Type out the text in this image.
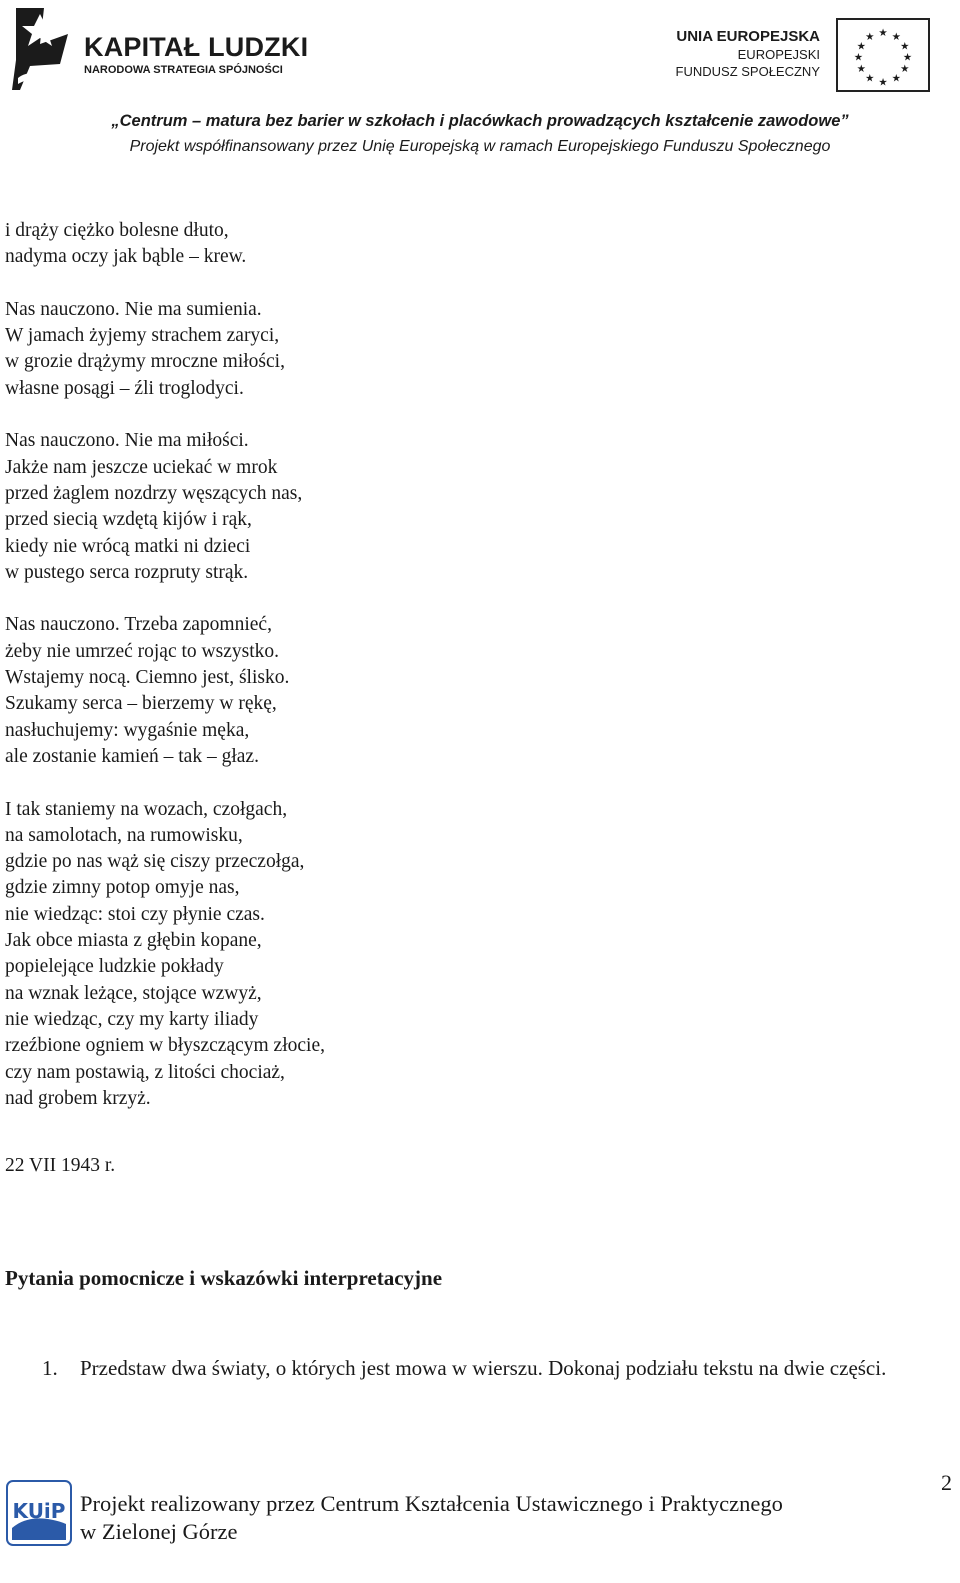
KAPITAŁ LUDZKI
NARODOWA STRATEGIA SPÓJNOŚCI
UNIA EUROPEJSKA
EUROPEJSKI
FUNDUSZ SPOŁECZNY
★ ★
★
★
★
★
★
★
★
★
★
★
„Centrum – matura bez barier w szkołach i placówkach prowadzących kształcenie zawodowe”
Projekt współfinansowany przez Unię Europejską w ramach Europejskiego Funduszu Społecznego
i drąży ciężko bolesne dłuto,
nadyma oczy jak bąble – krew.
Nas nauczono. Nie ma sumienia.
W jamach żyjemy strachem zaryci,
w grozie drążymy mroczne miłości,
własne posągi – źli troglodyci.
Nas nauczono. Nie ma miłości.
Jakże nam jeszcze uciekać w mrok
przed żaglem nozdrzy węszących nas,
przed siecią wzdętą kijów i rąk,
kiedy nie wrócą matki ni dzieci
w pustego serca rozpruty strąk.
Nas nauczono. Trzeba zapomnieć,
żeby nie umrzeć rojąc to wszystko.
Wstajemy nocą. Ciemno jest, ślisko.
Szukamy serca – bierzemy w rękę,
nasłuchujemy: wygaśnie męka,
ale zostanie kamień – tak – głaz.
I tak staniemy na wozach, czołgach,
na samolotach, na rumowisku,
gdzie po nas wąż się ciszy przeczołga,
gdzie zimny potop omyje nas,
nie wiedząc: stoi czy płynie czas.
Jak obce miasta z głębin kopane,
popielejące ludzkie pokłady
na wznak leżące, stojące wzwyż,
nie wiedząc, czy my karty iliady
rzeźbione ogniem w błyszczącym złocie,
czy nam postawią, z litości chociaż,
nad grobem krzyż.
22 VII 1943 r.
Pytania pomocnicze i wskazówki interpretacyjne
1. Przedstaw dwa światy, o których jest mowa w wierszu. Dokonaj podziału tekstu na dwie części.
KUiP Projekt realizowany przez Centrum Kształcenia Ustawicznego i Praktycznego
w Zielonej Górze
2
